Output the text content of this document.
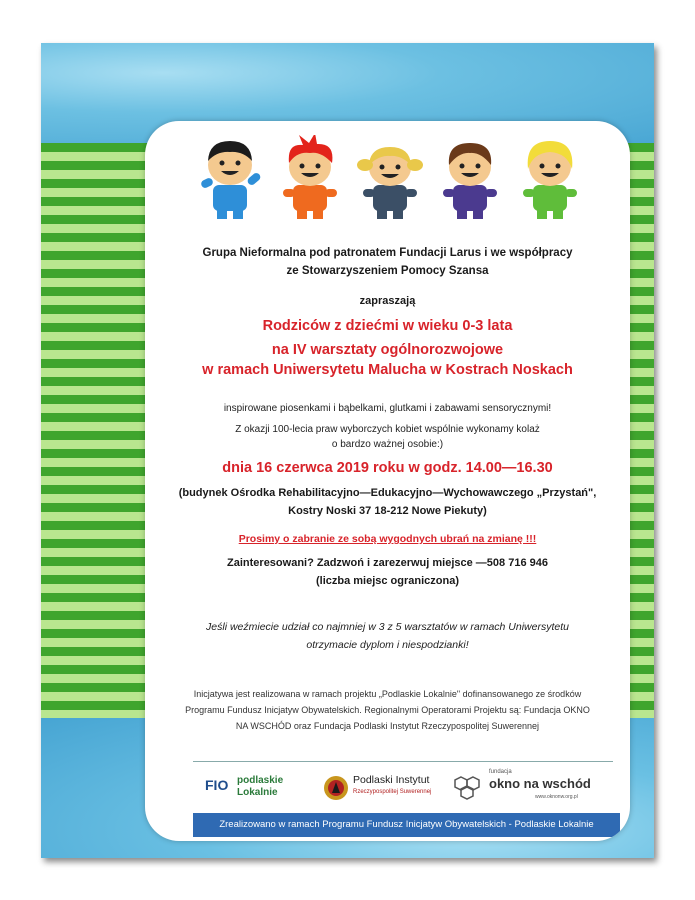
Grupa Nieformalna pod patronatem Fundacji Larus i we współpracy
ze Stowarzyszeniem Pomocy Szansa
zapraszają
Rodziców z dziećmi w wieku 0-3 lata
na IV warsztaty ogólnorozwojowe
w ramach Uniwersytetu Malucha w Kostrach Noskach
inspirowane piosenkami i bąbelkami, glutkami i zabawami sensorycznymi!
Z okazji 100-lecia praw wyborczych kobiet wspólnie wykonamy kolaż
o bardzo ważnej osobie:)
dnia 16 czerwca 2019 roku w godz. 14.00—16.30
(budynek Ośrodka Rehabilitacyjno—Edukacyjno—Wychowawczego „Przystań",
Kostry Noski 37 18-212 Nowe Piekuty)
Prosimy o zabranie ze sobą wygodnych ubrań na zmianę !!!
Zainteresowani? Zadzwoń i zarezerwuj miejsce —508 716 946
(liczba miejsc ograniczona)
Jeśli weźmiecie udział co najmniej w 3 z 5 warsztatów w ramach Uniwersytetu
otrzymacie dyplom i niespodzianki!
Inicjatywa jest realizowana w ramach projektu „Podlaskie Lokalnie" dofinansowanego ze środków
Programu Fundusz Inicjatyw Obywatelskich. Regionalnymi Operatorami Projektu są: Fundacja OKNO
NA WSCHÓD oraz Fundacja Podlaski Instytut Rzeczypospolitej Suwerennej
FIO podlaskie
Lokalnie
Podlaski Instytut
Rzeczypospolitej Suwerennej
fundacja
okno na wschód
www.oknonw.org.pl
Zrealizowano w ramach Programu Fundusz Inicjatyw Obywatelskich - Podlaskie Lokalnie
